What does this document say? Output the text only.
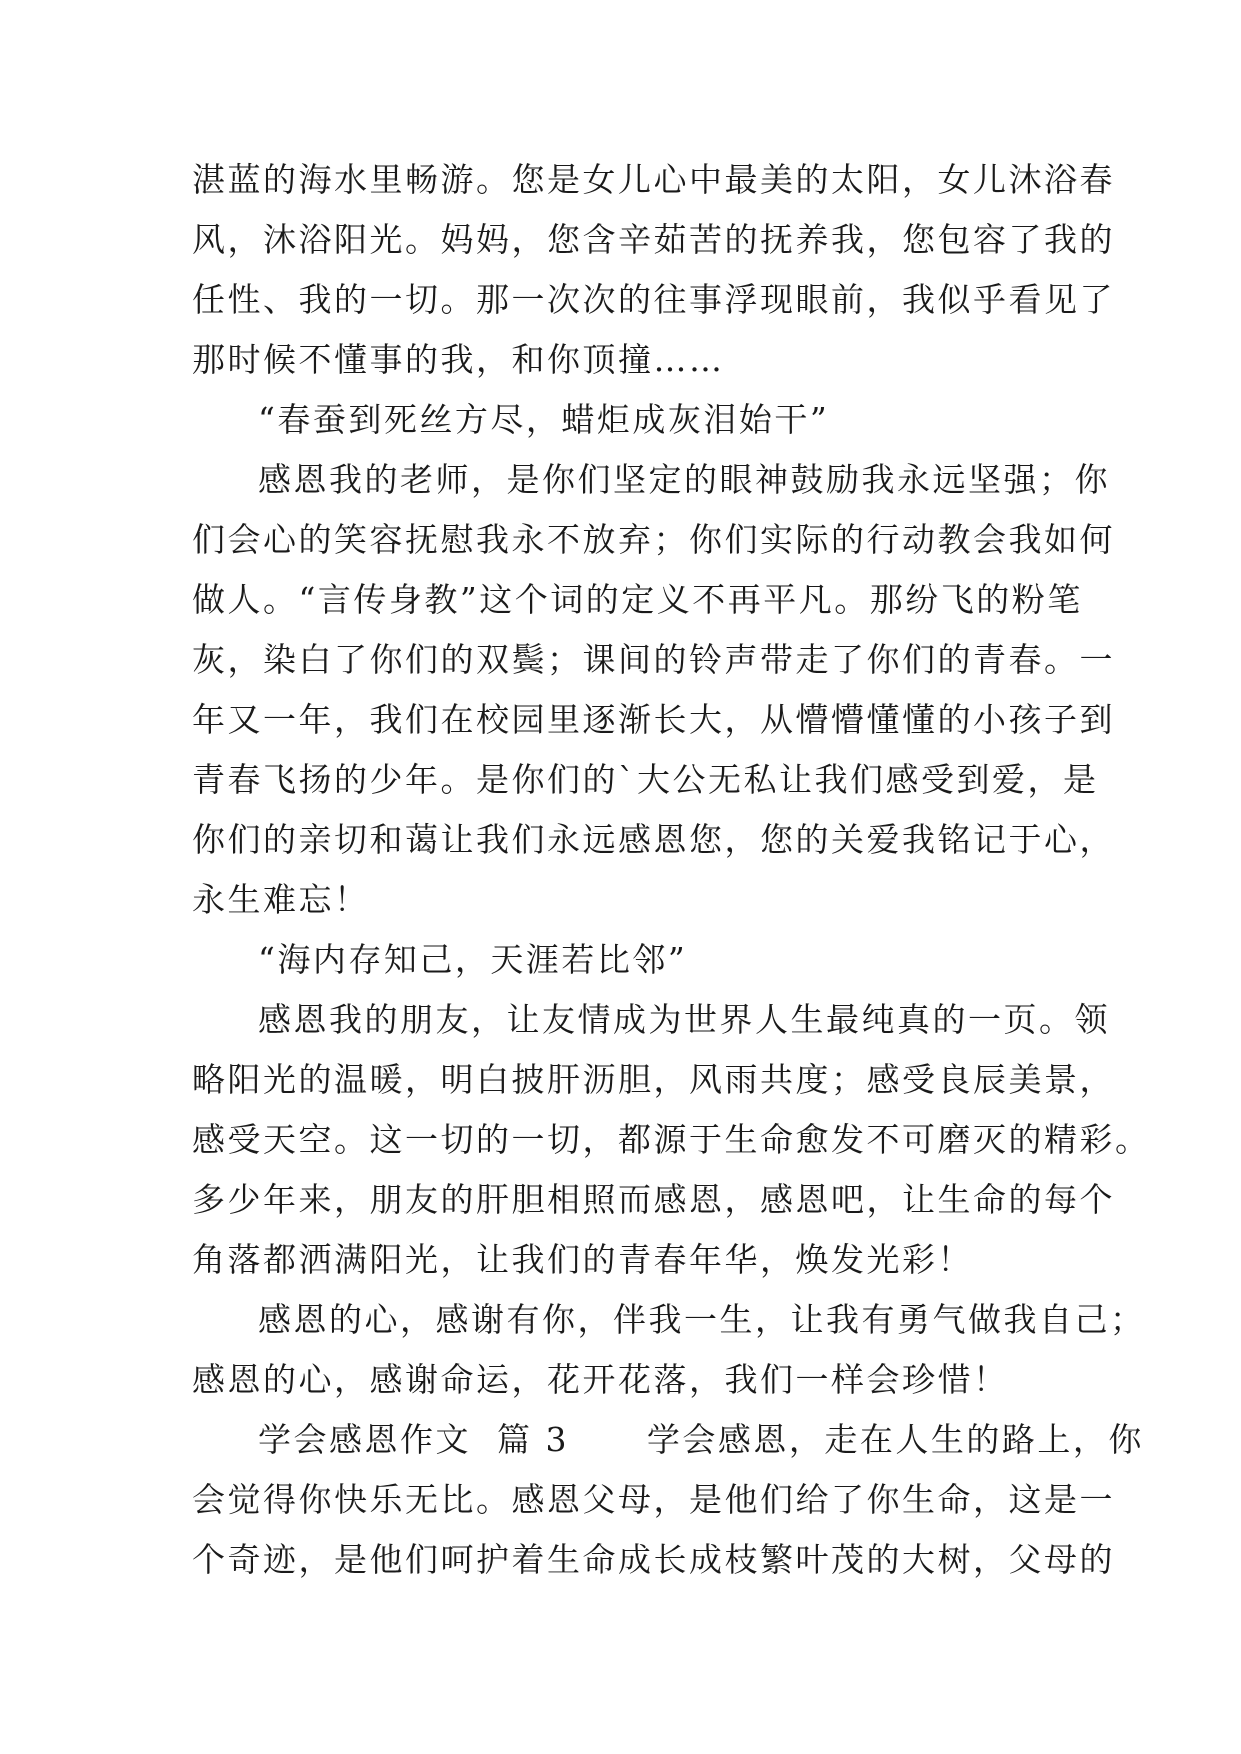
湛蓝的海水里畅游。您是女儿心中最美的太阳，女儿沐浴春
风，沐浴阳光。妈妈，您含辛茹苦的抚养我，您包容了我的
任性、我的一切。那一次次的往事浮现眼前，我似乎看见了
那时候不懂事的我，和你顶撞……
“春蚕到死丝方尽，蜡炬成灰泪始干”
感恩我的老师，是你们坚定的眼神鼓励我永远坚强；你
们会心的笑容抚慰我永不放弃；你们实际的行动教会我如何
做人。“言传身教”这个词的定义不再平凡。那纷飞的粉笔
灰，染白了你们的双鬓；课间的铃声带走了你们的青春。一
年又一年，我们在校园里逐渐长大，从懵懵懂懂的小孩子到
青春飞扬的少年。是你们的`大公无私让我们感受到爱，是
你们的亲切和蔼让我们永远感恩您，您的关爱我铭记于心，
永生难忘！
“海内存知己，天涯若比邻”
感恩我的朋友，让友情成为世界人生最纯真的一页。领
略阳光的温暖，明白披肝沥胆，风雨共度；感受良辰美景，
感受天空。这一切的一切，都源于生命愈发不可磨灭的精彩。
多少年来，朋友的肝胆相照而感恩，感恩吧，让生命的每个
角落都洒满阳光，让我们的青春年华，焕发光彩！
感恩的心，感谢有你，伴我一生，让我有勇气做我自己；
感恩的心，感谢命运，花开花落，我们一样会珍惜！
学会感恩作文  篇 3      学会感恩，走在人生的路上，你
会觉得你快乐无比。感恩父母，是他们给了你生命，这是一
个奇迹，是他们呵护着生命成长成枝繁叶茂的大树，父母的
